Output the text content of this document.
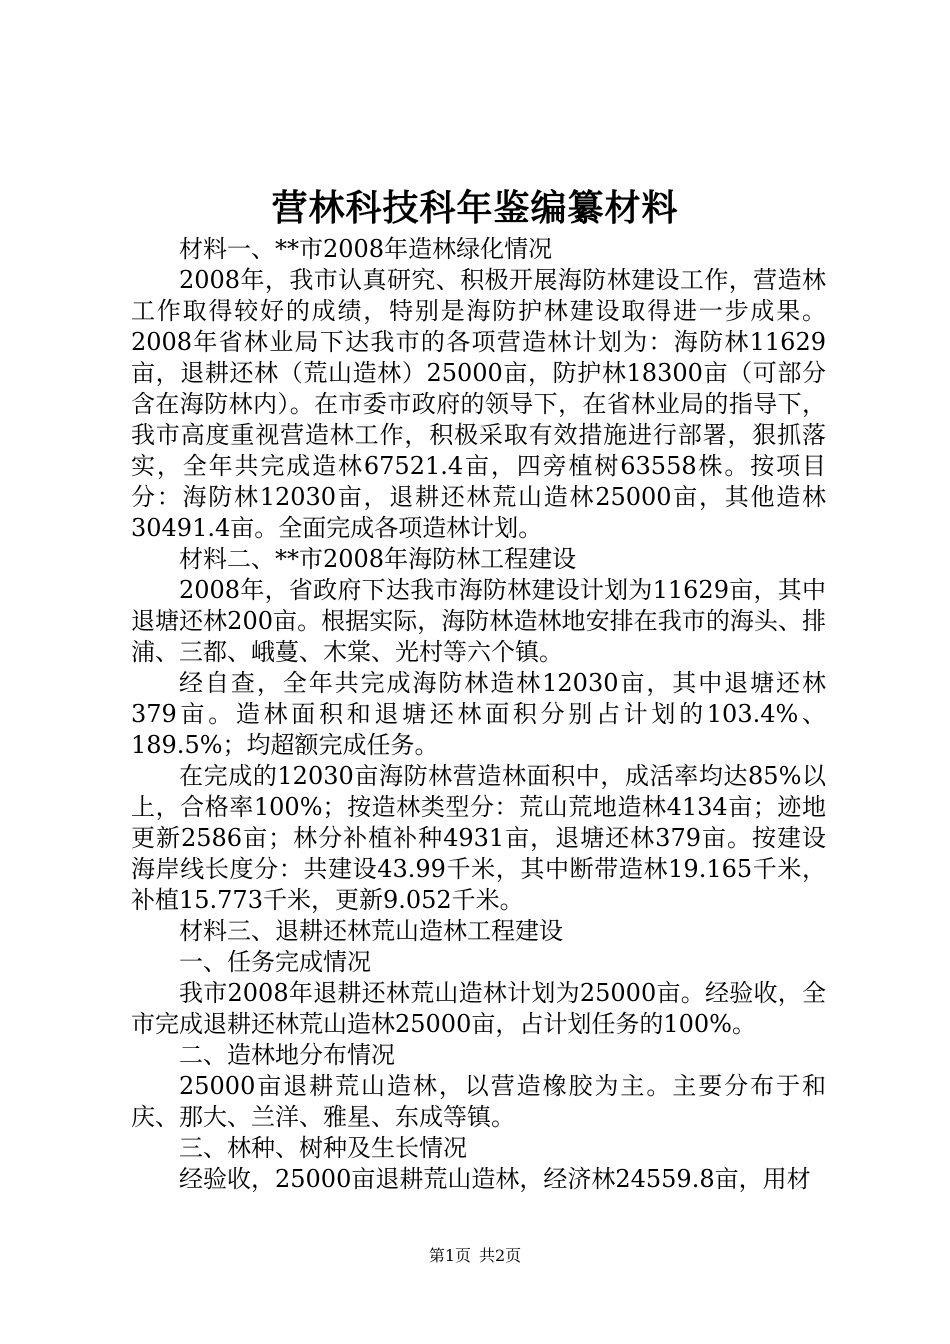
营林科技科年鉴编纂材料

材料一、**市2008年造林绿化情况

2008年，我市认真研究、积极开展海防林建设工作，营造林工作取得较好的成绩，特别是海防护林建设取得进一步成果。2008年省林业局下达我市的各项营造林计划为：海防林11629亩，退耕还林（荒山造林）25000亩，防护林18300亩（可部分含在海防林内）。在市委市政府的领导下，在省林业局的指导下，我市高度重视营造林工作，积极采取有效措施进行部署，狠抓落实，全年共完成造林67521.4亩，四旁植树63558株。按项目分：海防林12030亩，退耕还林荒山造林25000亩，其他造林30491.4亩。全面完成各项造林计划。

材料二、**市2008年海防林工程建设

2008年，省政府下达我市海防林建设计划为11629亩，其中退塘还林200亩。根据实际，海防林造林地安排在我市的海头、排浦、三都、峨蔓、木棠、光村等六个镇。

经自查，全年共完成海防林造林12030亩，其中退塘还林379亩。造林面积和退塘还林面积分别占计划的103.4%、189.5%；均超额完成任务。

在完成的12030亩海防林营造林面积中，成活率均达85%以上，合格率100%；按造林类型分：荒山荒地造林4134亩；迹地更新2586亩；林分补植补种4931亩，退塘还林379亩。按建设海岸线长度分：共建设43.99千米，其中断带造林19.165千米，补植15.773千米，更新9.052千米。

材料三、退耕还林荒山造林工程建设

一、任务完成情况

我市2008年退耕还林荒山造林计划为25000亩。经验收，全市完成退耕还林荒山造林25000亩，占计划任务的100%。

二、造林地分布情况

25000亩退耕荒山造林，以营造橡胶为主。主要分布于和庆、那大、兰洋、雅星、东成等镇。

三、林种、树种及生长情况

经验收，25000亩退耕荒山造林，经济林24559.8亩，用材

第1页 共2页
